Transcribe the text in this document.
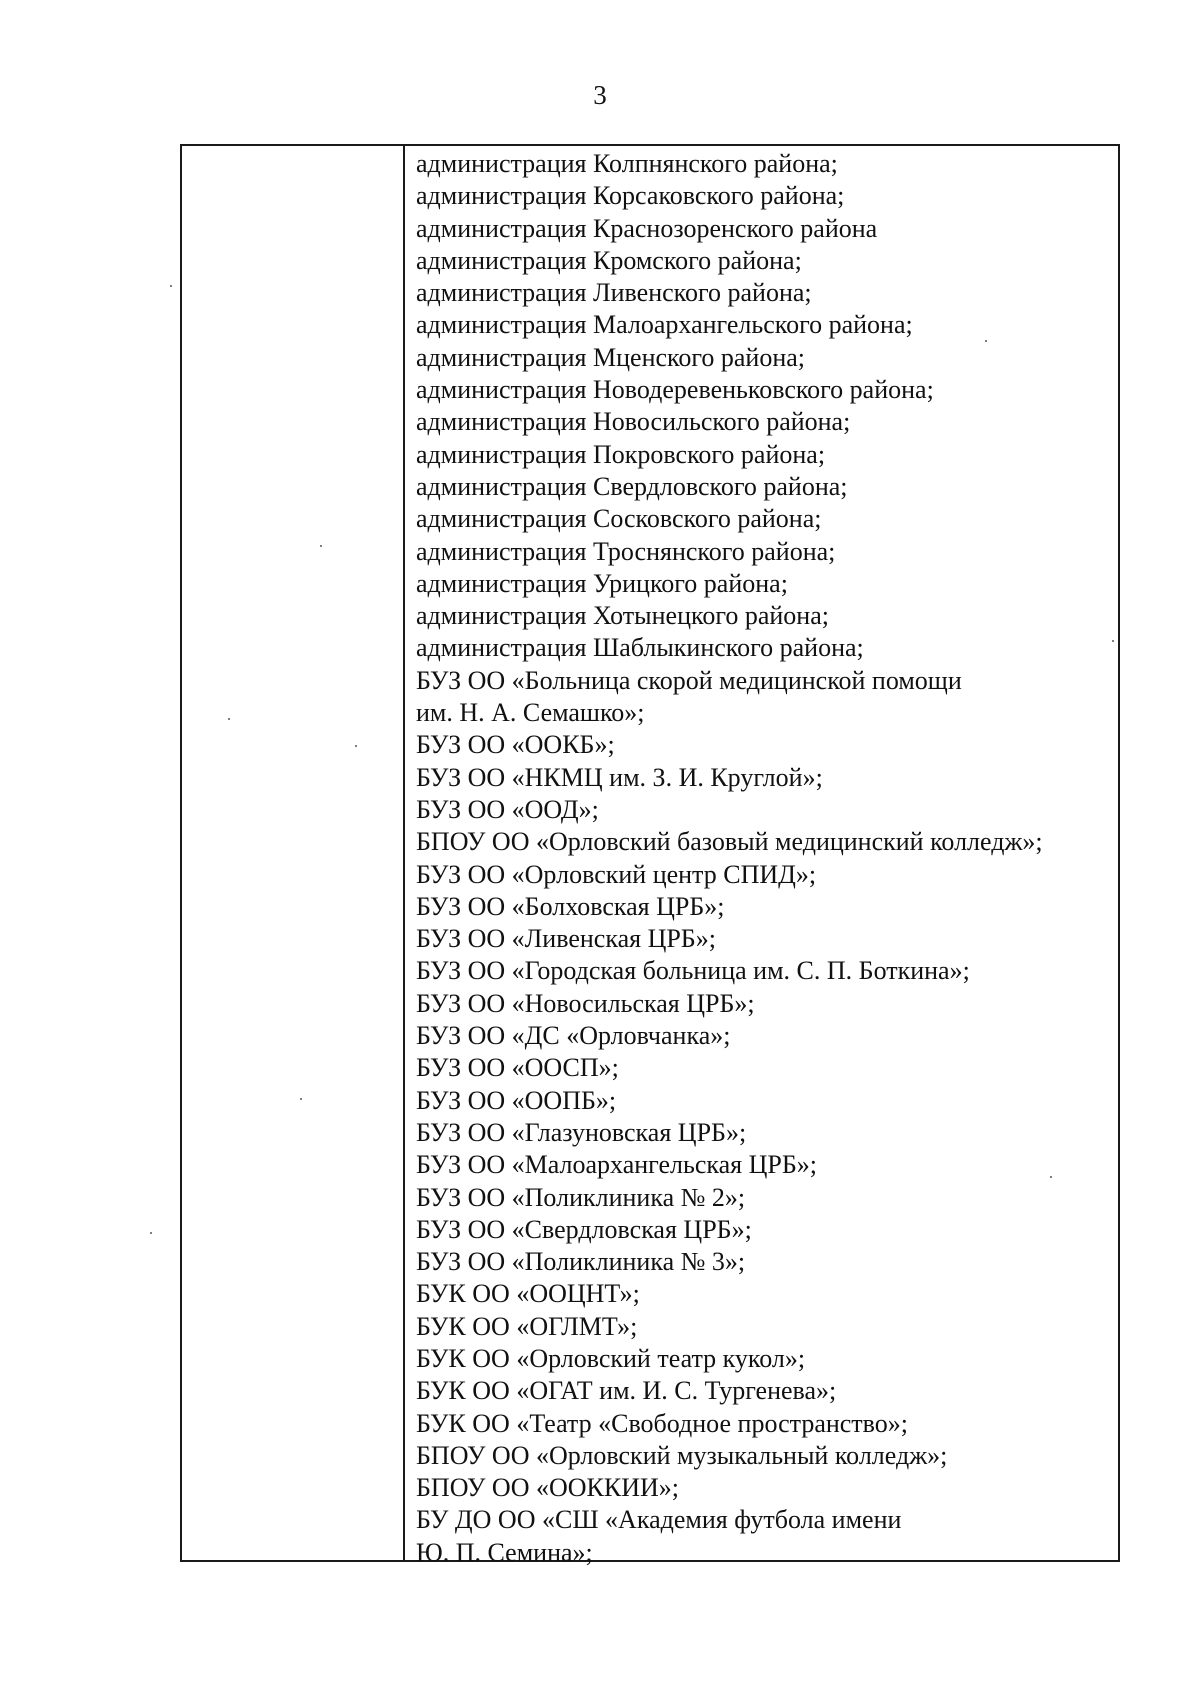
3
администрация Колпнянского района;
администрация Корсаковского района;
администрация Краснозоренского района
администрация Кромского района;
администрация Ливенского района;
администрация Малоархангельского района;
администрация Мценского района;
администрация Новодеревеньковского района;
администрация Новосильского района;
администрация Покровского района;
администрация Свердловского района;
администрация Сосковского района;
администрация Троснянского района;
администрация Урицкого района;
администрация Хотынецкого района;
администрация Шаблыкинского района;
БУЗ ОО «Больница скорой медицинской помощи
им. Н. А. Семашко»;
БУЗ ОО «ООКБ»;
БУЗ ОО «НКМЦ им. З. И. Круглой»;
БУЗ ОО «ООД»;
БПОУ ОО «Орловский базовый медицинский колледж»;
БУЗ ОО «Орловский центр СПИД»;
БУЗ ОО «Болховская ЦРБ»;
БУЗ ОО «Ливенская ЦРБ»;
БУЗ ОО «Городская больница им. С. П. Боткина»;
БУЗ ОО «Новосильская ЦРБ»;
БУЗ ОО «ДС «Орловчанка»;
БУЗ ОО «ООСП»;
БУЗ ОО «ООПБ»;
БУЗ ОО «Глазуновская ЦРБ»;
БУЗ ОО «Малоархангельская ЦРБ»;
БУЗ ОО «Поликлиника № 2»;
БУЗ ОО «Свердловская ЦРБ»;
БУЗ ОО «Поликлиника № 3»;
БУК ОО «ООЦНТ»;
БУК ОО «ОГЛМТ»;
БУК ОО «Орловский театр кукол»;
БУК ОО «ОГАТ им. И. С. Тургенева»;
БУК ОО «Театр «Свободное пространство»;
БПОУ ОО «Орловский музыкальный колледж»;
БПОУ ОО «ООККИИ»;
БУ ДО ОО «СШ «Академия футбола имени
Ю. П. Семина»;
